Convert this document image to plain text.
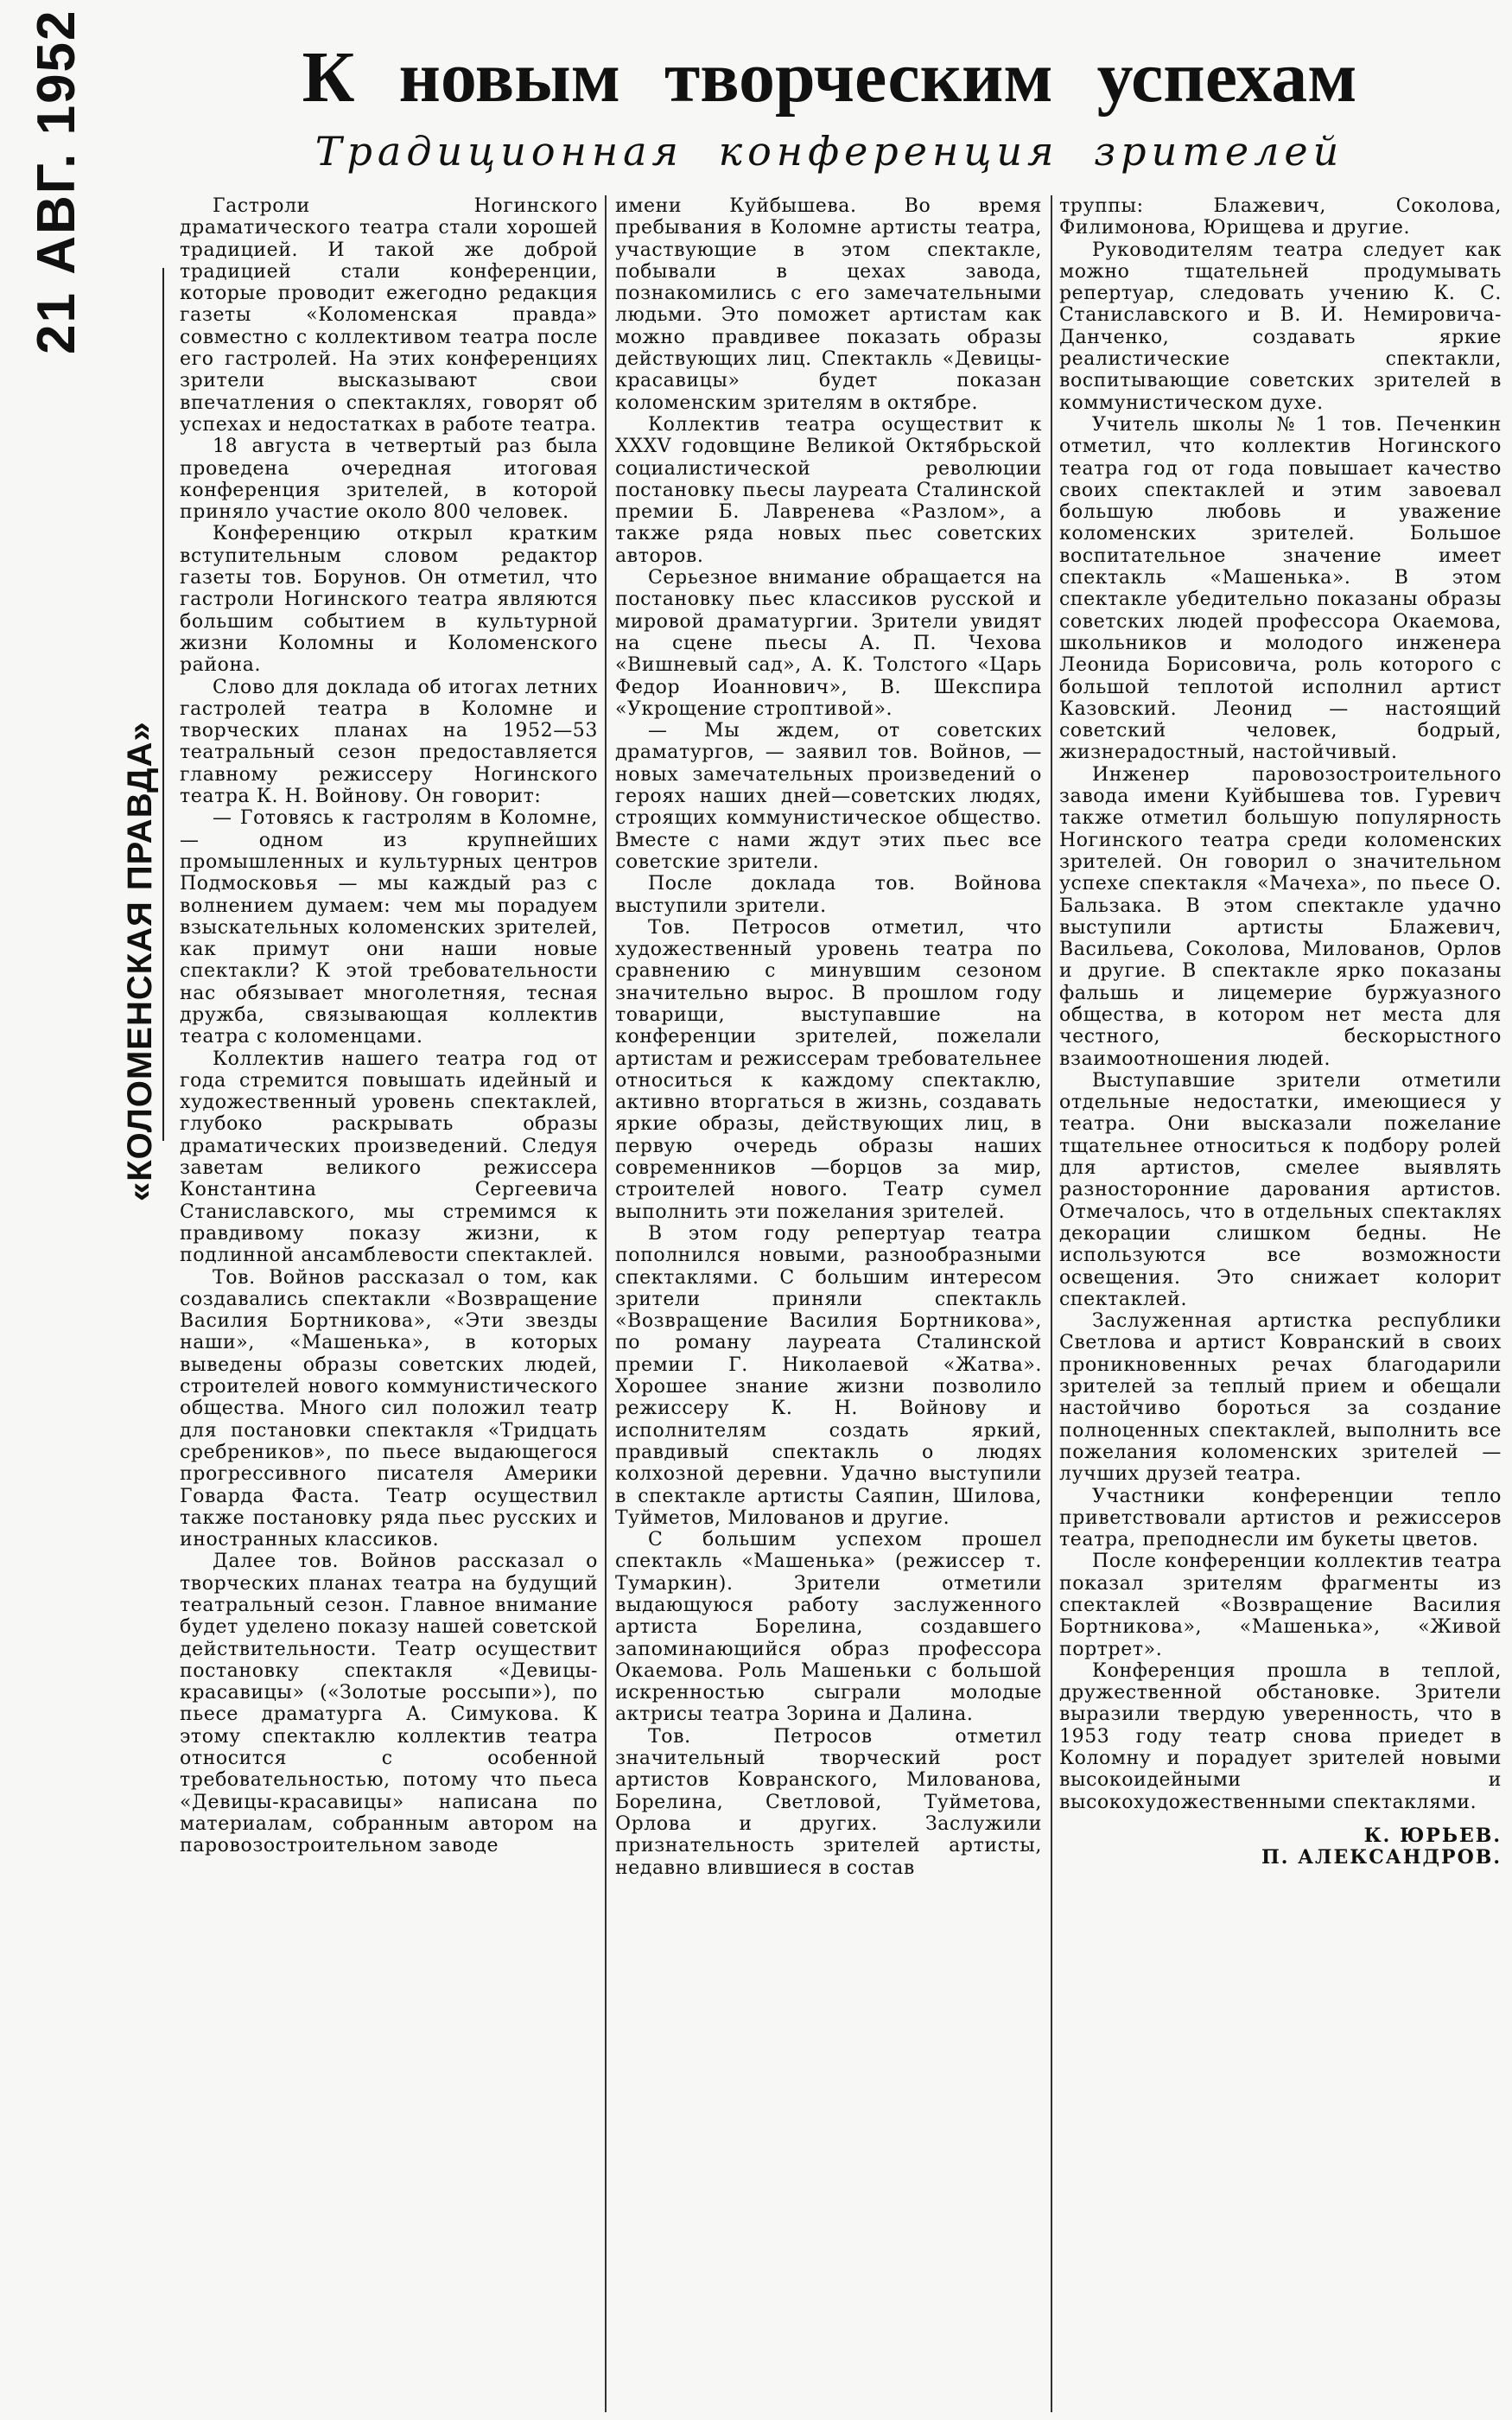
21 АВГ. 1952
«КОЛОМЕНСКАЯ ПРАВДА»
К новым творческим успехам
Традиционная конференция зрителей

Гастроли Ногинского драматического театра стали хорошей традицией. И такой же доброй традицией стали конференции, которые проводит ежегодно редакция газеты «Коломенская правда» совместно с коллективом театра после его гастролей. На этих конференциях зрители высказывают свои впечатления о спектаклях, говорят об успехах и недостатках в работе театра.

18 августа в четвертый раз была проведена очередная итоговая конференция зрителей, в которой приняло участие около 800 человек.

Конференцию открыл кратким вступительным словом редактор газеты тов. Борунов. Он отметил, что гастроли Ногинского театра являются большим событием в культурной жизни Коломны и Коломенского района.

Слово для доклада об итогах летних гастролей театра в Коломне и творческих планах на 1952—53 театральный сезон предоставляется главному режиссеру Ногинского театра К. Н. Войнову. Он говорит:

— Готовясь к гастролям в Коломне, — одном из крупнейших промышленных и культурных центров Подмосковья — мы каждый раз с волнением думаем: чем мы порадуем взыскательных коломенских зрителей, как примут они наши новые спектакли? К этой требовательности нас обязывает многолетняя, тесная дружба, связывающая коллектив театра с коломенцами.

Коллектив нашего театра год от года стремится повышать идейный и художественный уровень спектаклей, глубоко раскрывать образы драматических произведений. Следуя заветам великого режиссера Константина Сергеевича Станиславского, мы стремимся к правдивому показу жизни, к подлинной ансамблевости спектаклей.

Тов. Войнов рассказал о том, как создавались спектакли «Возвращение Василия Бортникова», «Эти звезды наши», «Машенька», в которых выведены образы советских людей, строителей нового коммунистического общества. Много сил положил театр для постановки спектакля «Тридцать сребреников», по пьесе выдающегося прогрессивного писателя Америки Говарда Фаста. Театр осуществил также постановку ряда пьес русских и иностранных классиков.

Далее тов. Войнов рассказал о творческих планах театра на будущий театральный сезон. Главное внимание будет уделено показу нашей советской действительности. Театр осуществит постановку спектакля «Девицы-красавицы» («Золотые россыпи»), по пьесе драматурга А. Симукова. К этому спектаклю коллектив театра относится с особенной требовательностью, потому что пьеса «Девицы-красавицы» написана по материалам, собранным автором на паровозостроительном заводе

имени Куйбышева. Во время пребывания в Коломне артисты театра, участвующие в этом спектакле, побывали в цехах завода, познакомились с его замечательными людьми. Это поможет артистам как можно правдивее показать образы действующих лиц. Спектакль «Девицы-красавицы» будет показан коломенским зрителям в октябре.

Коллектив театра осуществит к XXXV годовщине Великой Октябрьской социалистической революции постановку пьесы лауреата Сталинской премии Б. Лавренева «Разлом», а также ряда новых пьес советских авторов.

Серьезное внимание обращается на постановку пьес классиков русской и мировой драматургии. Зрители увидят на сцене пьесы А. П. Чехова «Вишневый сад», А. К. Толстого «Царь Федор Иоаннович», В. Шекспира «Укрощение строптивой».

— Мы ждем, от советских драматургов, — заявил тов. Войнов, —новых замечательных произведений о героях наших дней—советских людях, строящих коммунистическое общество. Вместе с нами ждут этих пьес все советские зрители.

После доклада тов. Войнова выступили зрители.

Тов. Петросов отметил, что художественный уровень театра по сравнению с минувшим сезоном значительно вырос. В прошлом году товарищи, выступавшие на конференции зрителей, пожелали артистам и режиссерам требовательнее относиться к каждому спектаклю, активно вторгаться в жизнь, создавать яркие образы, действующих лиц, в первую очередь образы наших современников —борцов за мир, строителей нового. Театр сумел выполнить эти пожелания зрителей.

В этом году репертуар театра пополнился новыми, разнообразными спектаклями. С большим интересом зрители приняли спектакль «Возвращение Василия Бортникова», по роману лауреата Сталинской премии Г. Николаевой «Жатва». Хорошее знание жизни позволило режиссеру К. Н. Войнову и исполнителям создать яркий, правдивый спектакль о людях колхозной деревни. Удачно выступили в спектакле артисты Саяпин, Шилова, Туйметов, Милованов и другие.

С большим успехом прошел спектакль «Машенька» (режиссер т. Тумаркин). Зрители отметили выдающуюся работу заслуженного артиста Борелина, создавшего запоминающийся образ профессора Окаемова. Роль Машеньки с большой искренностью сыграли молодые актрисы театра Зорина и Далина.

Тов. Петросов отметил значительный творческий рост артистов Ковранского, Милованова, Борелина, Светловой, Туйметова, Орлова и других. Заслужили признательность зрителей артисты, недавно влившиеся в состав

труппы: Блажевич, Соколова, Филимонова, Юрищева и другие.

Руководителям театра следует как можно тщательней продумывать репертуар, следовать учению К. С. Станиславского и В. И. Немировича-Данченко, создавать яркие реалистические спектакли, воспитывающие советских зрителей в коммунистическом духе.

Учитель школы № 1 тов. Печенкин отметил, что коллектив Ногинского театра год от года повышает качество своих спектаклей и этим завоевал большую любовь и уважение коломенских зрителей. Большое воспитательное значение имеет спектакль «Машенька». В этом спектакле убедительно показаны образы советских людей профессора Окаемова, школьников и молодого инженера Леонида Борисовича, роль которого с большой теплотой исполнил артист Казовский. Леонид — настоящий советский человек, бодрый, жизнерадостный, настойчивый.

Инженер паровозостроительного завода имени Куйбышева тов. Гуревич также отметил большую популярность Ногинского театра среди коломенских зрителей. Он говорил о значительном успехе спектакля «Мачеха», по пьесе О. Бальзака. В этом спектакле удачно выступили артисты Блажевич, Васильева, Соколова, Милованов, Орлов и другие. В спектакле ярко показаны фальшь и лицемерие буржуазного общества, в котором нет места для честного, бескорыстного взаимоотношения людей.

Выступавшие зрители отметили отдельные недостатки, имеющиеся у театра. Они высказали пожелание тщательнее относиться к подбору ролей для артистов, смелее выявлять разносторонние дарования артистов. Отмечалось, что в отдельных спектаклях декорации слишком бедны. Не используются все возможности освещения. Это снижает колорит спектаклей.

Заслуженная артистка республики Светлова и артист Ковранский в своих проникновенных речах благодарили зрителей за теплый прием и обещали настойчиво бороться за создание полноценных спектаклей, выполнить все пожелания коломенских зрителей — лучших друзей театра.

Участники конференции тепло приветствовали артистов и режиссеров театра, преподнесли им букеты цветов.

После конференции коллектив театра показал зрителям фрагменты из спектаклей «Возвращение Василия Бортникова», «Машенька», «Живой портрет».

Конференция прошла в теплой, дружественной обстановке. Зрители выразили твердую уверенность, что в 1953 году театр снова приедет в Коломну и порадует зрителей новыми высокоидейными и высокохудожественными спектаклями.

К. ЮРЬЕВ.

П. АЛЕКСАНДРОВ.
